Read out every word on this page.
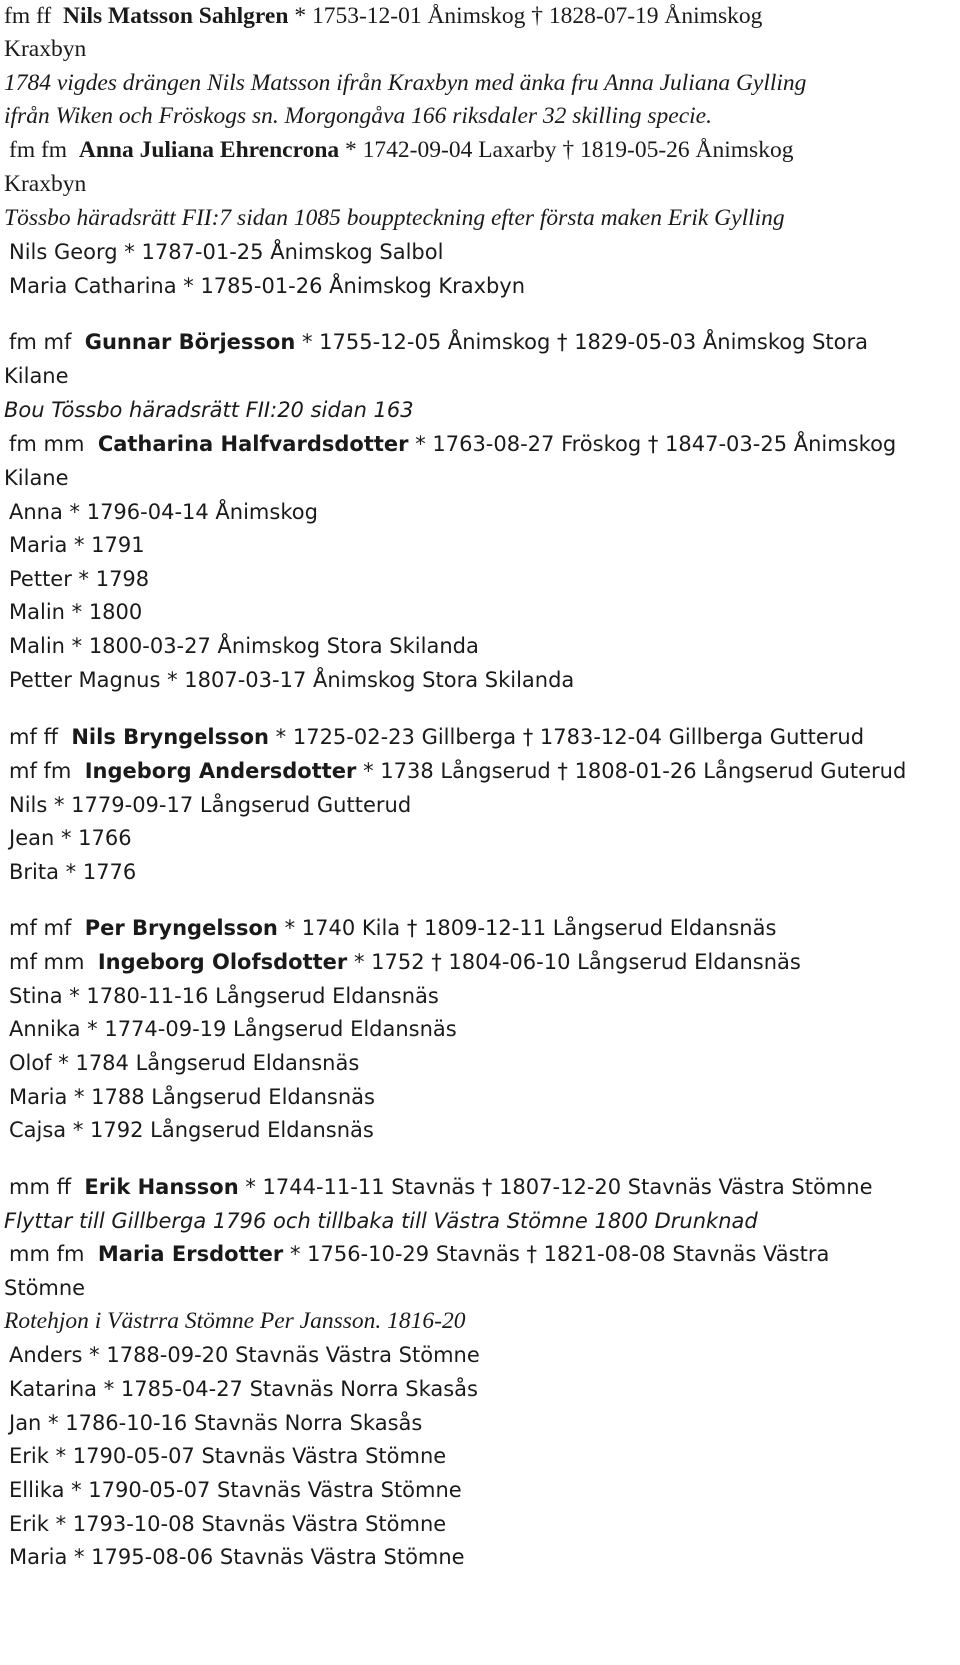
fm ff Nils Matsson Sahlgren * 1753-12-01 Ånimskog † 1828-07-19 Ånimskog
Kraxbyn
1784 vigdes drängen Nils Matsson ifrån Kraxbyn med änka fru Anna Juliana Gylling
ifrån Wiken och Fröskogs sn. Morgongåva 166 riksdaler 32 skilling specie.
fm fm Anna Juliana Ehrencrona * 1742-09-04 Laxarby † 1819-05-26 Ånimskog
Kraxbyn
Tössbo häradsrätt FII:7 sidan 1085 bouppteckning efter första maken Erik Gylling
Nils Georg * 1787-01-25 Ånimskog Salbol
Maria Catharina * 1785-01-26 Ånimskog Kraxbyn
fm mf Gunnar Börjesson * 1755-12-05 Ånimskog † 1829-05-03 Ånimskog Stora
Kilane
Bou Tössbo häradsrätt FII:20 sidan 163
fm mm Catharina Halfvardsdotter * 1763-08-27 Fröskog † 1847-03-25 Ånimskog
Kilane
Anna * 1796-04-14 Ånimskog
Maria * 1791
Petter * 1798
Malin * 1800
Malin * 1800-03-27 Ånimskog Stora Skilanda
Petter Magnus * 1807-03-17 Ånimskog Stora Skilanda
mf ff Nils Bryngelsson * 1725-02-23 Gillberga † 1783-12-04 Gillberga Gutterud
mf fm Ingeborg Andersdotter * 1738 Långserud † 1808-01-26 Långserud Guterud
Nils * 1779-09-17 Långserud Gutterud
Jean * 1766
Brita * 1776
mf mf Per Bryngelsson * 1740 Kila † 1809-12-11 Långserud Eldansnäs
mf mm Ingeborg Olofsdotter * 1752 † 1804-06-10 Långserud Eldansnäs
Stina * 1780-11-16 Långserud Eldansnäs
Annika * 1774-09-19 Långserud Eldansnäs
Olof * 1784 Långserud Eldansnäs
Maria * 1788 Långserud Eldansnäs
Cajsa * 1792 Långserud Eldansnäs
mm ff Erik Hansson * 1744-11-11 Stavnäs † 1807-12-20 Stavnäs Västra Stömne
Flyttar till Gillberga 1796 och tillbaka till Västra Stömne 1800 Drunknad
mm fm Maria Ersdotter * 1756-10-29 Stavnäs † 1821-08-08 Stavnäs Västra
Stömne
Rotehjon i Västrra Stömne Per Jansson. 1816-20
Anders * 1788-09-20 Stavnäs Västra Stömne
Katarina * 1785-04-27 Stavnäs Norra Skasås
Jan * 1786-10-16 Stavnäs Norra Skasås
Erik * 1790-05-07 Stavnäs Västra Stömne
Ellika * 1790-05-07 Stavnäs Västra Stömne
Erik * 1793-10-08 Stavnäs Västra Stömne
Maria * 1795-08-06 Stavnäs Västra Stömne
